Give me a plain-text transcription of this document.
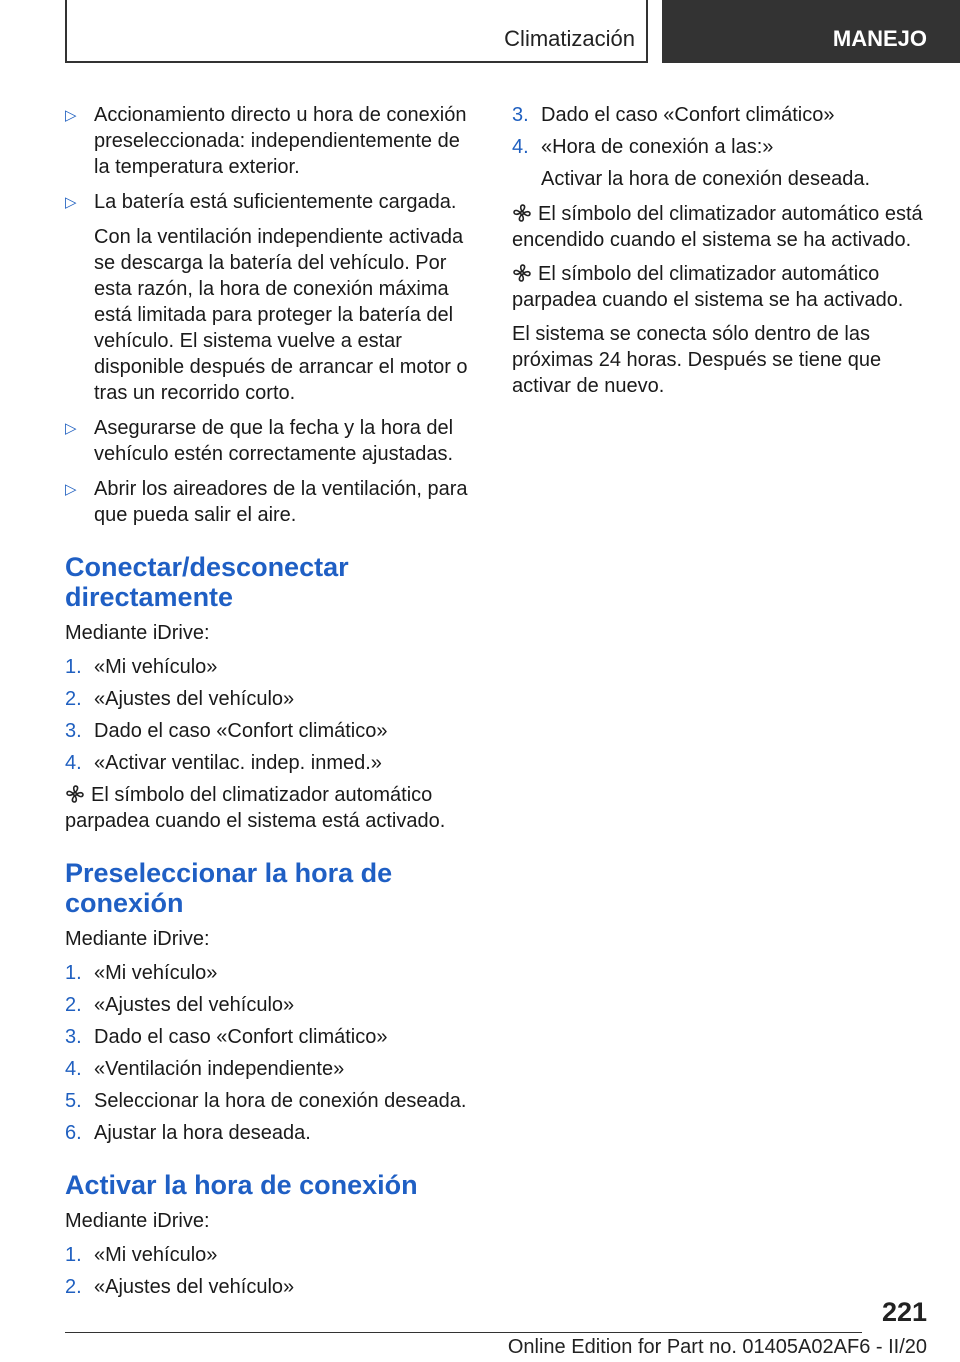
Climatización	MANEJO
▷ Accionamiento directo u hora de conexión preseleccionada: independientemente de la temperatura exterior.
▷ La batería está suficientemente cargada.

Con la ventilación independiente activada se descarga la batería del vehículo. Por esta razón, la hora de conexión máxima está limitada para proteger la batería del vehículo. El sistema vuelve a estar disponible después de arrancar el motor o tras un recorrido corto.

▷ Asegurarse de que la fecha y la hora del vehículo estén correctamente ajustadas.
▷ Abrir los aireadores de la ventilación, para que pueda salir el aire.
Conectar/desconectar directamente

Mediante iDrive:

1. «Mi vehículo»
2. «Ajustes del vehículo»
3. Dado el caso «Confort climático»
4. «Activar ventilac. indep. inmed.»

El símbolo del climatizador automático parpadea cuando el sistema está activado.

Preseleccionar la hora de conexión

Mediante iDrive:

1. «Mi vehículo»
2. «Ajustes del vehículo»
3. Dado el caso «Confort climático»
4. «Ventilación independiente»
5. Seleccionar la hora de conexión deseada.
6. Ajustar la hora deseada.
Activar la hora de conexión

Mediante iDrive:

1. «Mi vehículo»
2. «Ajustes del vehículo»
3. Dado el caso «Confort climático»
4. «Hora de conexión a las:»

Activar la hora de conexión deseada.

El símbolo del climatizador automático está encendido cuando el sistema se ha activado.

El símbolo del climatizador automático parpadea cuando el sistema se ha activado.

El sistema se conecta sólo dentro de las próximas 24 horas. Después se tiene que activar de nuevo.

221
Online Edition for Part no. 01405A02AF6 - II/20
